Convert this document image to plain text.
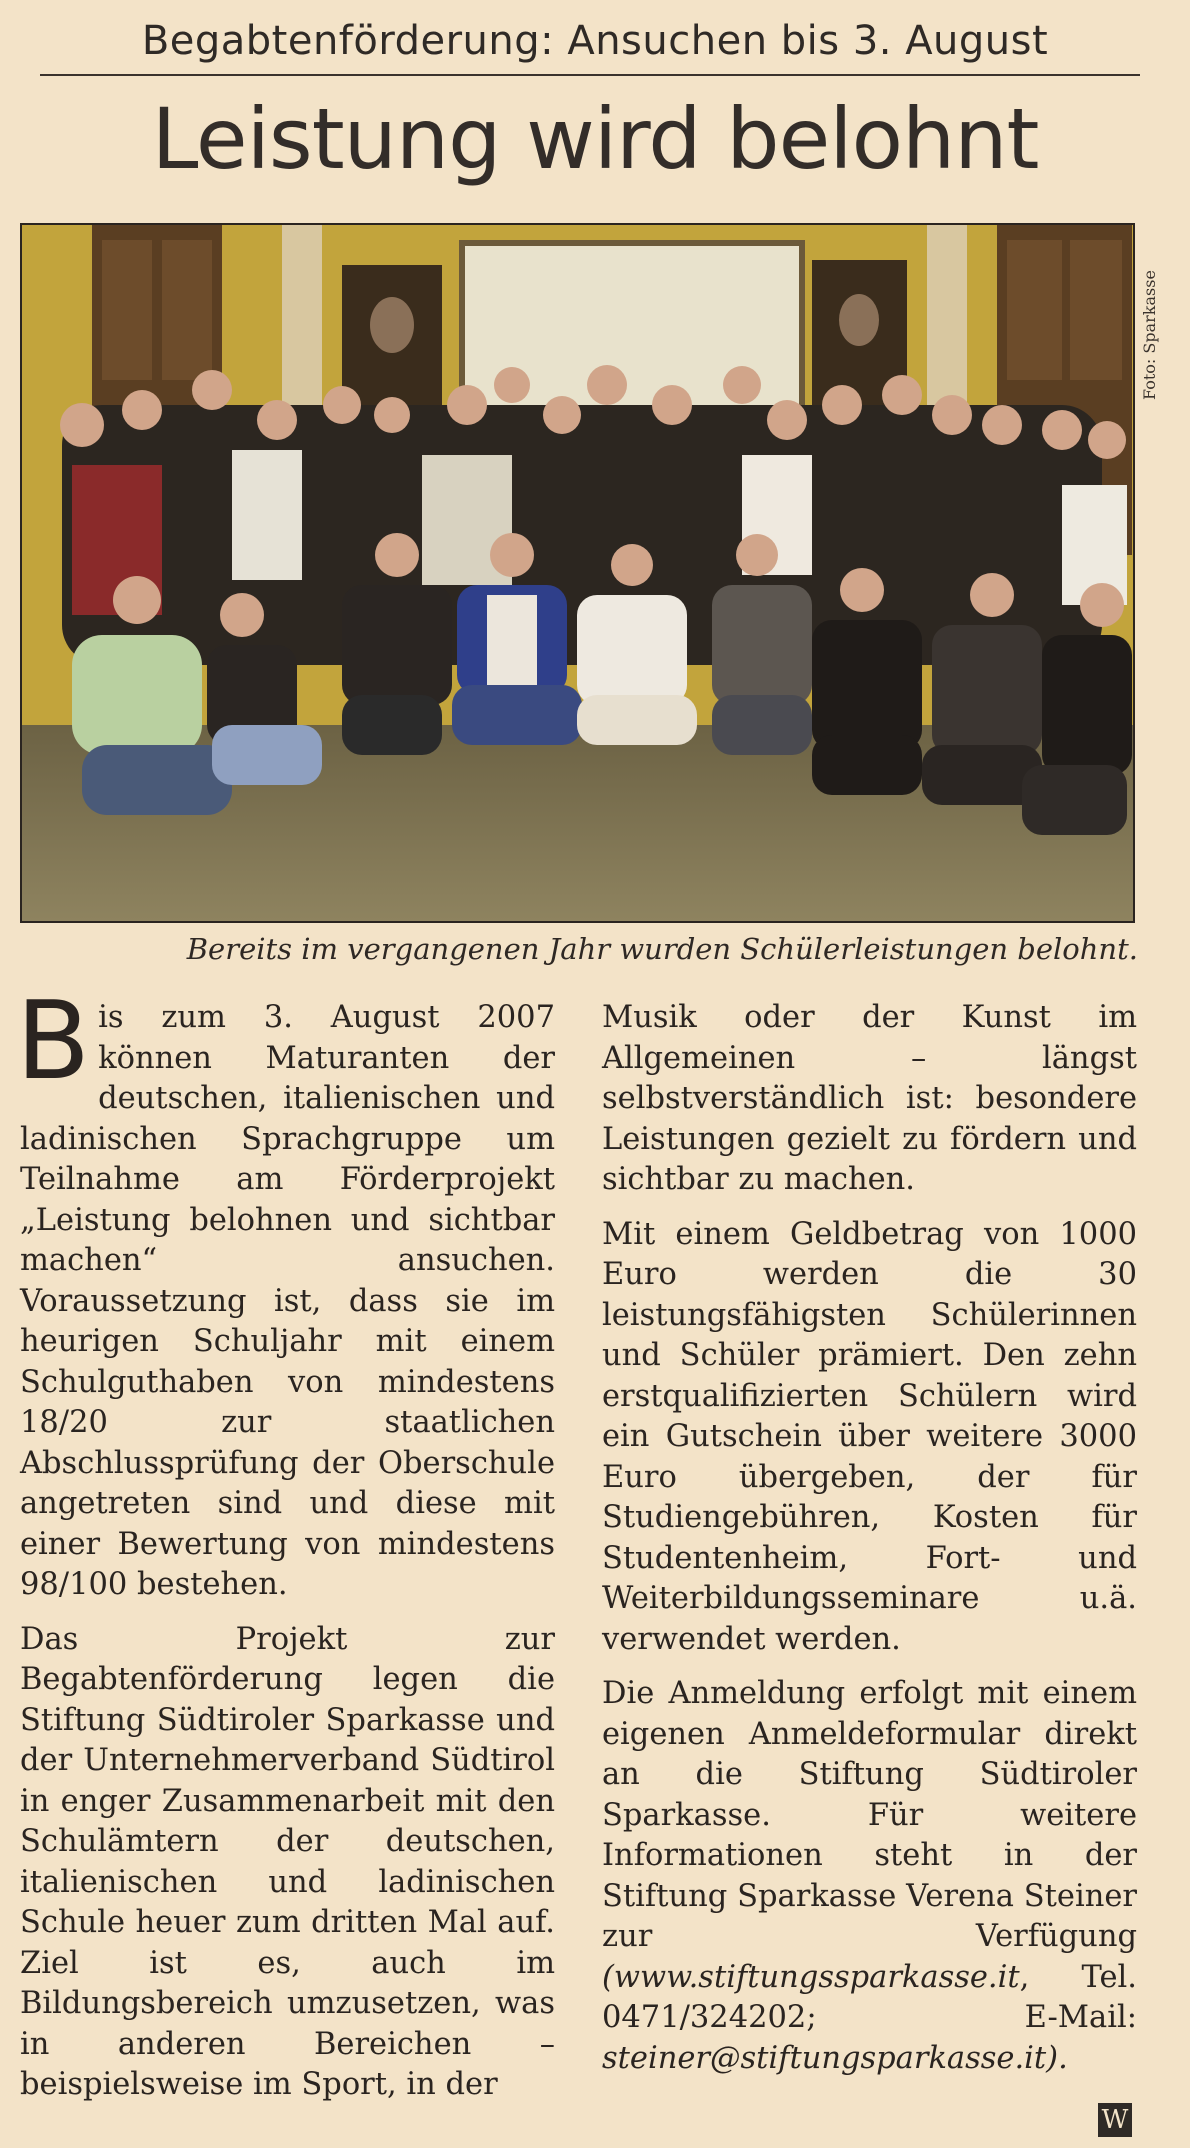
Begabtenförderung: Ansuchen bis 3. August
Leistung wird belohnt
Foto: Sparkasse
Bereits im vergangenen Jahr wurden Schülerleistungen belohnt.

Bis zum 3. August 2007 können Maturanten der deutschen, italienischen und ladinischen Sprachgruppe um Teilnahme am Förderprojekt „Leistung belohnen und sichtbar machen“ ansuchen. Voraussetzung ist, dass sie im heurigen Schuljahr mit einem Schulguthaben von mindestens 18/20 zur staatlichen Abschlussprüfung der Oberschule angetreten sind und diese mit einer Bewertung von mindestens 98/100 bestehen.

Das Projekt zur Begabtenförderung legen die Stiftung Südtiroler Sparkasse und der Unternehmerverband Südtirol in enger Zusammenarbeit mit den Schulämtern der deutschen, italienischen und ladinischen Schule heuer zum dritten Mal auf. Ziel ist es, auch im Bildungsbereich umzusetzen, was in anderen Bereichen – beispielsweise im Sport, in der

Musik oder der Kunst im Allgemeinen – längst selbstverständlich ist: besondere Leistungen gezielt zu fördern und sichtbar zu machen.

Mit einem Geldbetrag von 1000 Euro werden die 30 leistungsfähigsten Schülerinnen und Schüler prämiert. Den zehn erstqualifizierten Schülern wird ein Gutschein über weitere 3000 Euro übergeben, der für Studiengebühren, Kosten für Studentenheim, Fort- und Weiterbildungsseminare u.ä. verwendet werden.

Die Anmeldung erfolgt mit einem eigenen Anmeldeformular direkt an die Stiftung Südtiroler Sparkasse. Für weitere Informationen steht in der Stiftung Sparkasse Verena Steiner zur Verfügung (www.stiftungssparkasse.it, Tel. 0471/324202; E-Mail: steiner@stiftungsparkasse.it).

W
